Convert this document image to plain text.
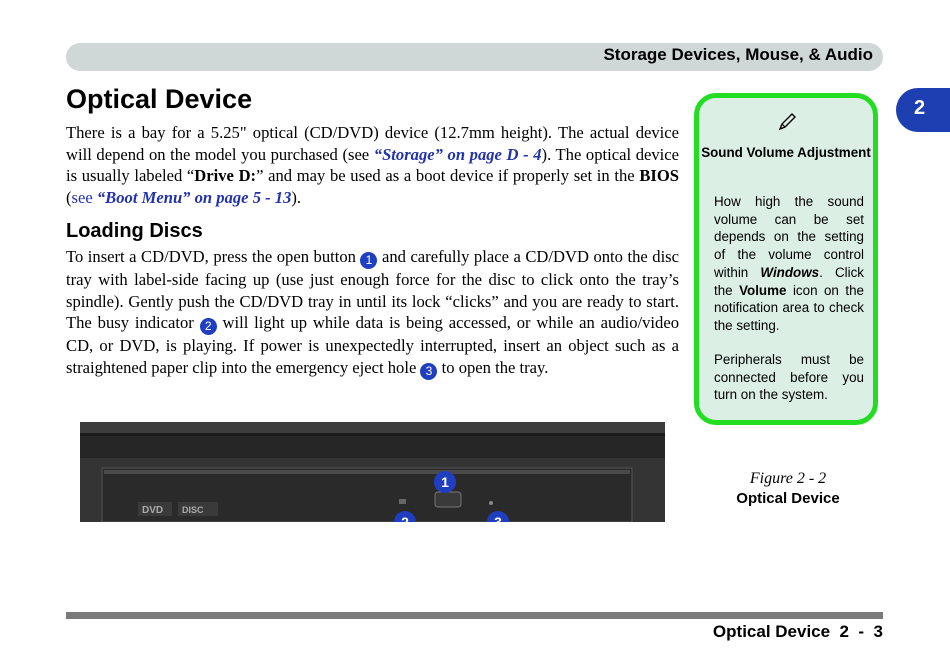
Storage Devices, Mouse, & Audio
2
Optical Device

There is a bay for a 5.25" optical (CD/DVD) device (12.7mm height). The actual device will depend on the model you purchased (see “Storage” on page D - 4). The optical device is usually labeled “Drive D:” and may be used as a boot device if properly set in the BIOS (see “Boot Menu” on page 5 - 13).

Loading Discs

To insert a CD/DVD, press the open button 1 and carefully place a CD/DVD onto the disc tray with label-side facing up (use just enough force for the disc to click onto the tray’s spindle). Gently push the CD/DVD tray in until its lock “clicks” and you are ready to start. The busy indicator 2 will light up while data is being accessed, or while an audio/video CD, or DVD, is playing. If power is unexpectedly interrupted, insert an object such as a straightened paper clip into the emergency eject hole 3 to open the tray.

Sound Volume Adjustment

How high the sound volume can be set depends on the setting of the volume control within Windows. Click the Volume icon on the notification area to check the setting.

Peripherals must be connected before you turn on the system.

DVD DISC
1
2	3
Figure 2 - 2
Optical Device
Optical Device  2  -  3
